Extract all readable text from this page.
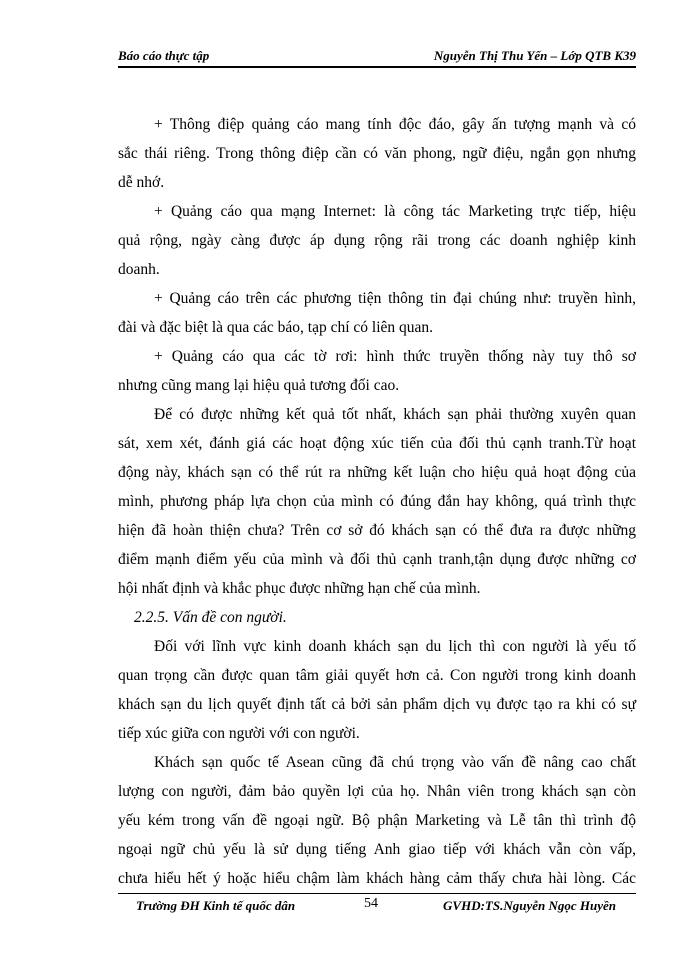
Báo cáo thực tập	Nguyễn Thị Thu Yến – Lớp QTB K39
+ Thông điệp quảng cáo mang tính độc đáo, gây ấn tượng mạnh và có
sắc thái riêng. Trong thông điệp cần có văn phong, ngữ điệu, ngắn gọn nhưng
dễ nhớ.
+ Quảng cáo qua mạng Internet: là công tác Marketing trực tiếp, hiệu
quả rộng, ngày càng được áp dụng rộng rãi trong các doanh nghiệp kinh
doanh.
+ Quảng cáo trên các phương tiện thông tin đại chúng như: truyền hình,
đài và đặc biệt là qua các báo, tạp chí có liên quan.
+ Quảng cáo qua các tờ rơi: hình thức truyền thống này tuy thô sơ
nhưng cũng mang lại hiệu quả tương đối cao.
Để có được những kết quả tốt nhất, khách sạn phải thường xuyên quan
sát, xem xét, đánh giá các hoạt động xúc tiến của đối thủ cạnh tranh.Từ hoạt
động này, khách sạn có thể rút ra những kết luận cho hiệu quả hoạt động của
mình, phương pháp lựa chọn của mình có đúng đắn hay không, quá trình thực
hiện đã hoàn thiện chưa? Trên cơ sở đó khách sạn có thể đưa ra được những
điểm mạnh điểm yếu của mình và đối thủ cạnh tranh,tận dụng được những cơ
hội nhất định và khắc phục được những hạn chế của mình.
2.2.5. Vấn đề con người.
Đối với lĩnh vực kinh doanh khách sạn du lịch thì con người là yếu tố
quan trọng cần được quan tâm giải quyết hơn cả. Con người trong kinh doanh
khách sạn du lịch quyết định tất cả bởi sản phẩm dịch vụ được tạo ra khi có sự
tiếp xúc giữa con người với con người.
Khách sạn quốc tế Asean cũng đã chú trọng vào vấn đề nâng cao chất
lượng con người, đảm bảo quyền lợi của họ. Nhân viên trong khách sạn còn
yếu kém trong vấn đề ngoại ngữ. Bộ phận Marketing và Lễ tân thì trình độ
ngoại ngữ chủ yếu là sử dụng tiếng Anh giao tiếp với khách vẫn còn vấp,
chưa hiểu hết ý hoặc hiểu chậm làm khách hàng cảm thấy chưa hài lòng. Các
Trường ĐH Kinh tế quốc dân	54	GVHD:TS.Nguyễn Ngọc Huyền
